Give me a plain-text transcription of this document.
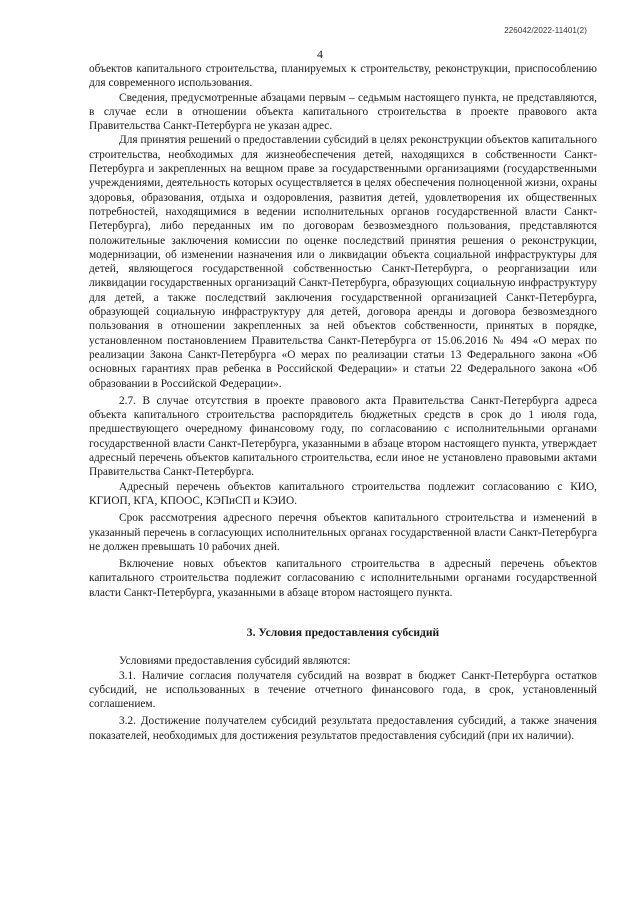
226042/2022-11401(2)
4

объектов капитального строительства, планируемых к строительству, реконструкции, приспособлению для современного использования.

Сведения, предусмотренные абзацами первым – седьмым настоящего пункта, не представляются, в случае если в отношении объекта капитального строительства в проекте правового акта Правительства Санкт-Петербурга не указан адрес.

Для принятия решений о предоставлении субсидий в целях реконструкции объектов капитального строительства, необходимых для жизнеобеспечения детей, находящихся в собственности Санкт-Петербурга и закрепленных на вещном праве за государственными организациями (государственными учреждениями, деятельность которых осуществляется в целях обеспечения полноценной жизни, охраны здоровья, образования, отдыха и оздоровления, развития детей, удовлетворения их общественных потребностей, находящимися в ведении исполнительных органов государственной власти Санкт-Петербурга), либо переданных им по договорам безвозмездного пользования, представляются положительные заключения комиссии по оценке последствий принятия решения о реконструкции, модернизации, об изменении назначения или о ликвидации объекта социальной инфраструктуры для детей, являющегося государственной собственностью Санкт-Петербурга, о реорганизации или ликвидации государственных организаций Санкт-Петербурга, образующих социальную инфраструктуру для детей, а также последствий заключения государственной организацией Санкт-Петербурга, образующей социальную инфраструктуру для детей, договора аренды и договора безвозмездного пользования в отношении закрепленных за ней объектов собственности, принятых в порядке, установленном постановлением Правительства Санкт-Петербурга от 15.06.2016 № 494 «О мерах по реализации Закона Санкт-Петербурга «О мерах по реализации статьи 13 Федерального закона «Об основных гарантиях прав ребенка в Российской Федерации» и статьи 22 Федерального закона «Об образовании в Российской Федерации».

2.7. В случае отсутствия в проекте правового акта Правительства Санкт-Петербурга адреса объекта капитального строительства распорядитель бюджетных средств в срок до 1 июля года, предшествующего очередному финансовому году, по согласованию с исполнительными органами государственной власти Санкт-Петербурга, указанными в абзаце втором настоящего пункта, утверждает адресный перечень объектов капитального строительства, если иное не установлено правовыми актами Правительства Санкт-Петербурга.

Адресный перечень объектов капитального строительства подлежит согласованию с КИО, КГИОП, КГА, КПООС, КЭПиСП и КЭИО.

Срок рассмотрения адресного перечня объектов капитального строительства и изменений в указанный перечень в согласующих исполнительных органах государственной власти Санкт-Петербурга не должен превышать 10 рабочих дней.

Включение новых объектов капитального строительства в адресный перечень объектов капитального строительства подлежит согласованию с исполнительными органами государственной власти Санкт-Петербурга, указанными в абзаце втором настоящего пункта.

3. Условия предоставления субсидий

Условиями предоставления субсидий являются:

3.1. Наличие согласия получателя субсидий на возврат в бюджет Санкт-Петербурга остатков субсидий, не использованных в течение отчетного финансового года, в срок, установленный соглашением.

3.2. Достижение получателем субсидий результата предоставления субсидий, а также значения показателей, необходимых для достижения результатов предоставления субсидий (при их наличии).
